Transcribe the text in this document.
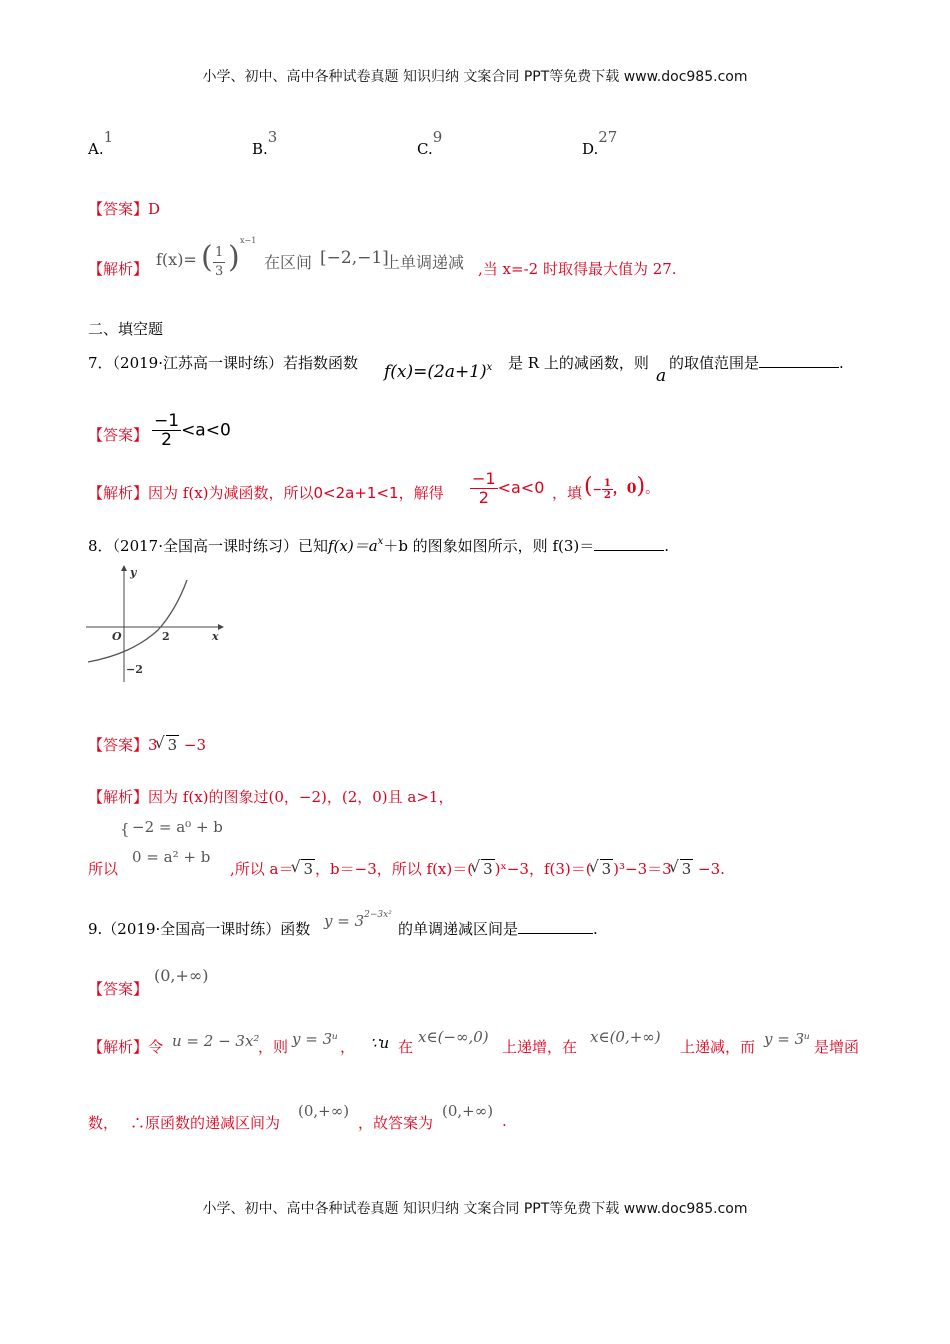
小学、初中、高中各种试卷真题 知识归纳 文案合同 PPT等免费下载 www.doc985.com
A.1
B.3
C.9
D.27
【答案】D
【解析】 f(x)= ( $\frac{1}{3}$ ) x−1
在区间 [−2,−1]
上单调递减 ,当 x=-2 时取得最大值为 27.
二、填空题
7．（2019·江苏高一课时练）若指数函数 $f(x)=(2a+1)^x$ 是 R 上的减函数，则
a
的取值范围是	.
【答案】 $\frac{-1}{2} <a<0$
【解析】因为 f(x)为减函数，所以0<2a+1<1，解得 $\frac{-1}{2} <a<0$ ，填 (− $\frac{1}{2}$ ，0)。
8．（2017·全国高一课时练习）已知$f(x)=a^x+b$ 的图象如图所示，则 f(3)＝	.
y
x
O	2
−2
【答案】3 √ 3 −3
【解析】因为 f(x)的图象过(0，−2)，(2，0)且 a>1，
{ −2 = a⁰ + b
0 = a² + b
所以	,所以 a＝ √ 3 ，b＝−3，所以 f(x)＝( √ 3 )ˣ−3，f(3)＝( √ 3 )³−3＝3 √ 3 −3.
9.（2019·全国高一课时练）函数 $y = 3^{2-3x^2}$
的单调递减区间是	.
【答案】
(0,+∞)
【解析】令 u = 2 − 3x²
，则 y = 3ᵘ ， ∵u 在
x∈(−∞,0)
上递增，在
x∈(0,+∞)
上递减，而 y = 3ᵘ 是增函
数， ∴原函数的递减区间为
(0,+∞)
，故答案为
(0,+∞)
.
小学、初中、高中各种试卷真题 知识归纳 文案合同 PPT等免费下载 www.doc985.com
